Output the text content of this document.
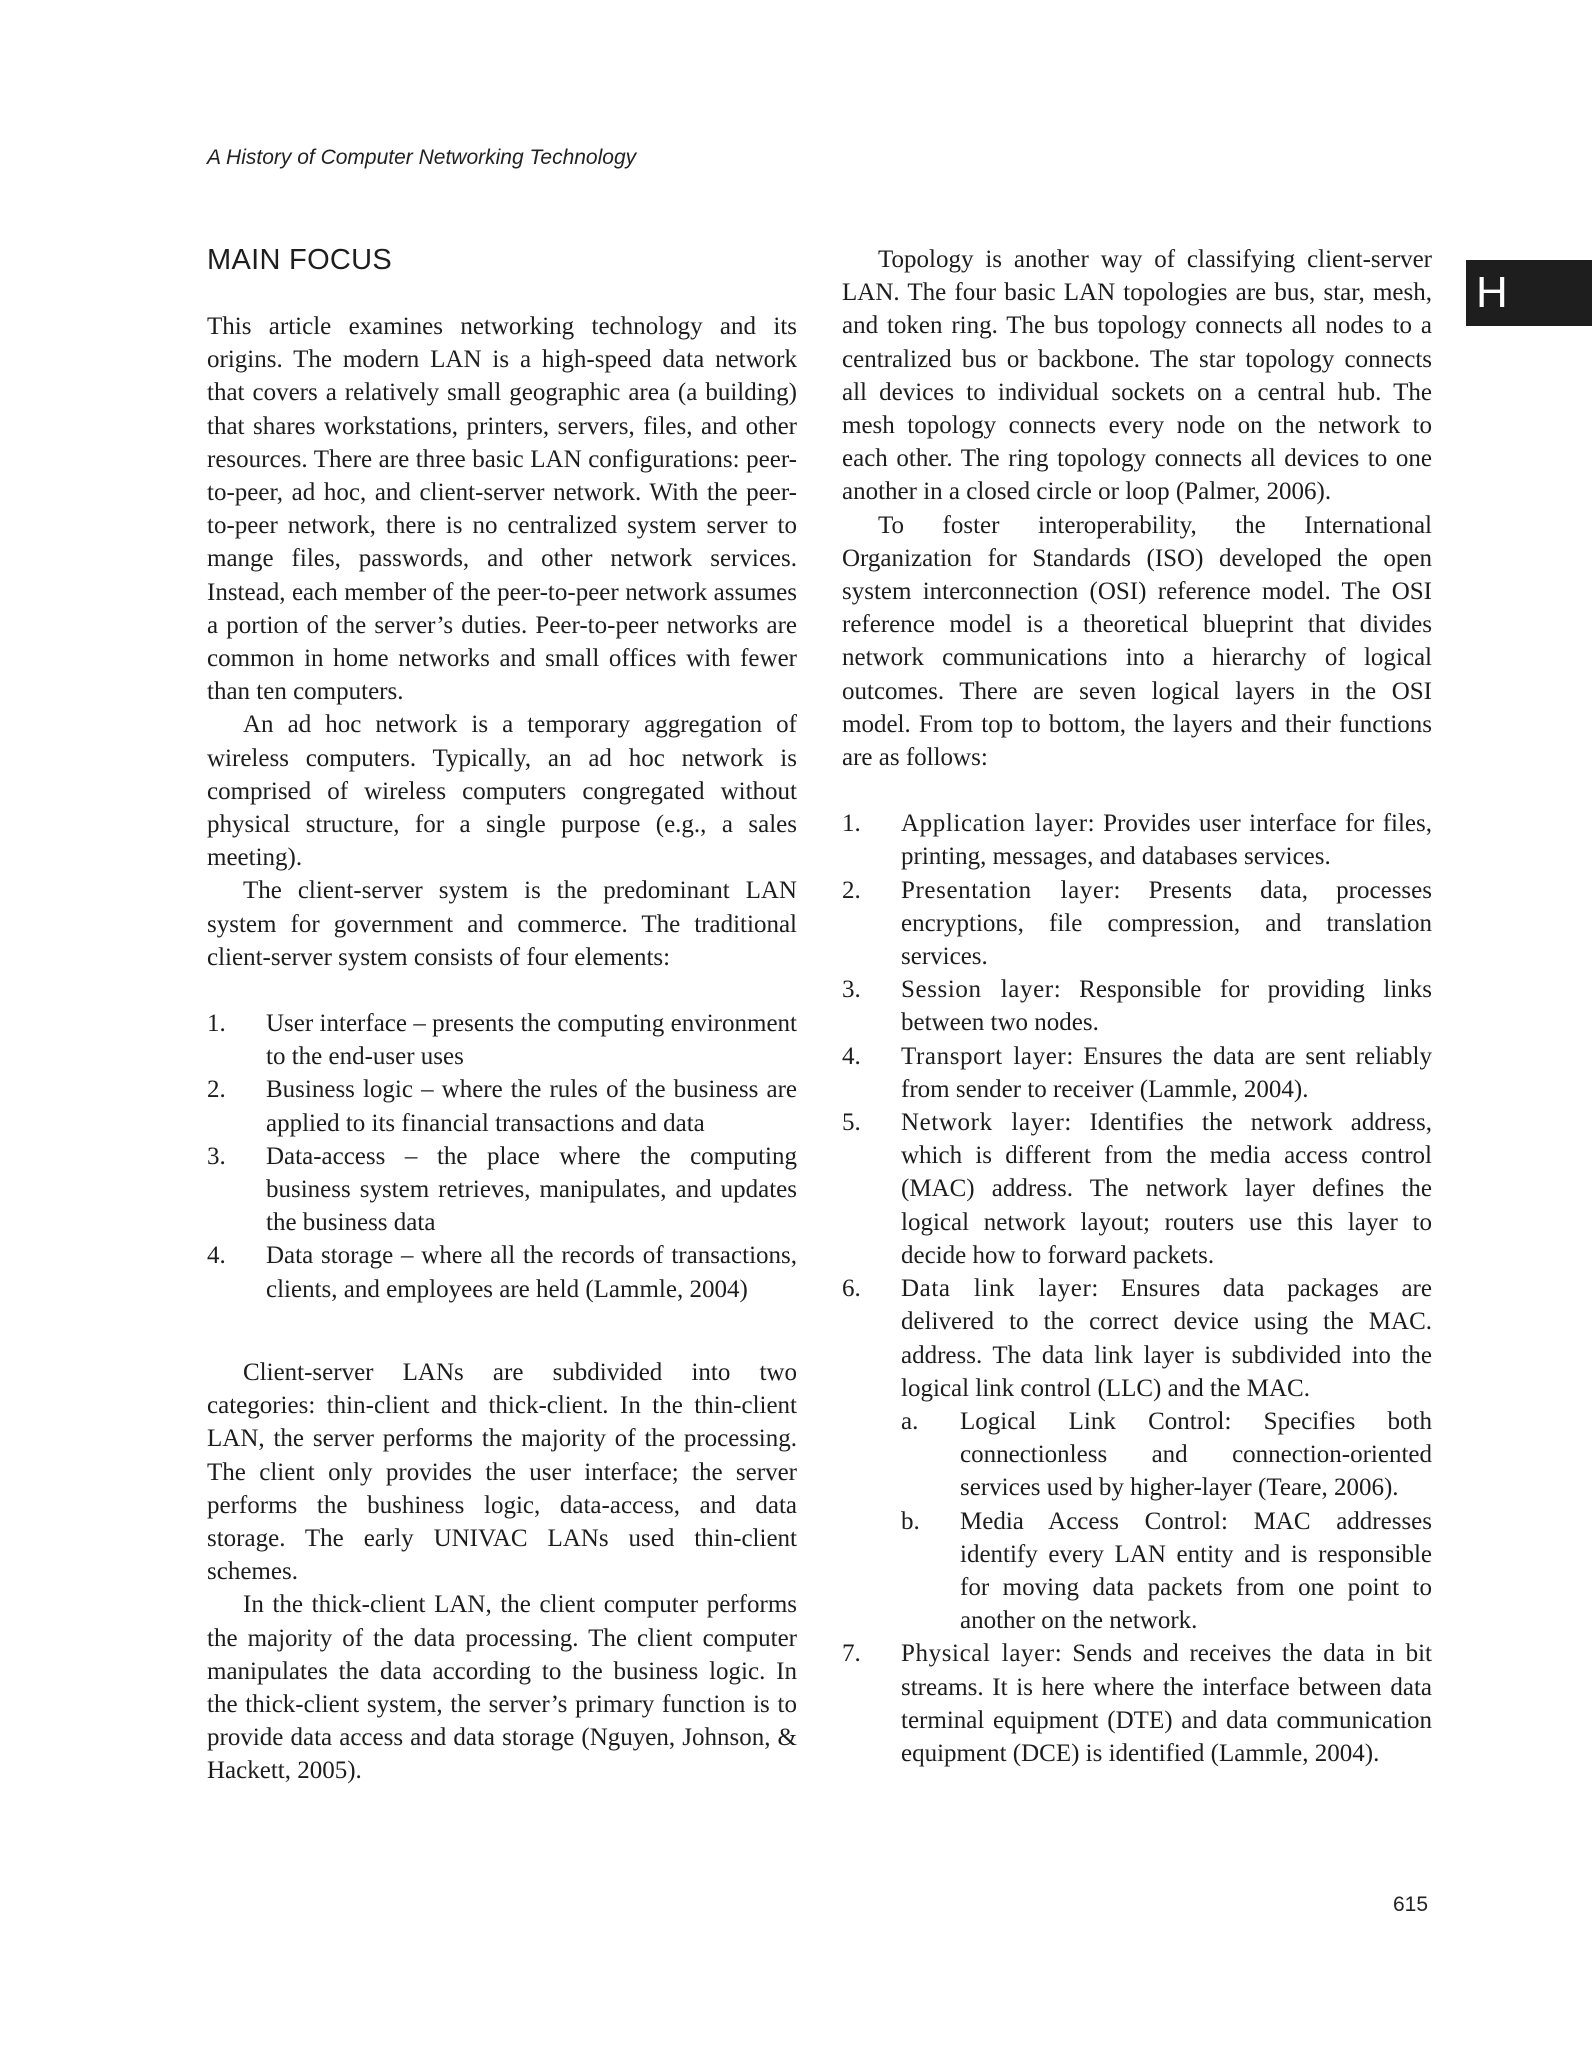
A History of Computer Networking Technology
H
MAIN FOCUS

This article examines networking technology and its origins. The modern LAN is a high-speed data network that covers a relatively small geographic area (a building) that shares workstations, printers, servers, files, and other resources. There are three basic LAN configurations: peer-to-peer, ad hoc, and client-server network. With the peer-to-peer network, there is no centralized system server to mange files, passwords, and other network services. Instead, each member of the peer-to-peer network assumes a portion of the server’s duties. Peer-to-peer networks are common in home networks and small offices with fewer than ten computers.

An ad hoc network is a temporary aggregation of wireless computers. Typically, an ad hoc network is comprised of wireless computers congregated without physical structure, for a single purpose (e.g., a sales meeting).

The client-server system is the predominant LAN system for government and commerce. The traditional client-server system consists of four elements:

1. User interface – presents the computing environment to the end-user uses
2. Business logic – where the rules of the business are applied to its financial transactions and data
3. Data-access – the place where the computing business system retrieves, manipulates, and updates the business data
4. Data storage – where all the records of transactions, clients, and employees are held (Lammle, 2004)

Client-server LANs are subdivided into two categories: thin-client and thick-client. In the thin-client LAN, the server performs the majority of the processing. The client only provides the user interface; the server performs the bushiness logic, data-access, and data storage. The early UNIVAC LANs used thin-client schemes.

In the thick-client LAN, the client computer performs the majority of the data processing. The client computer manipulates the data according to the business logic. In the thick-client system, the server’s primary function is to provide data access and data storage (Nguyen, Johnson, & Hackett, 2005).

Topology is another way of classifying client-server LAN. The four basic LAN topologies are bus, star, mesh, and token ring. The bus topology connects all nodes to a centralized bus or backbone. The star topology connects all devices to individual sockets on a central hub. The mesh topology connects every node on the network to each other. The ring topology connects all devices to one another in a closed circle or loop (Palmer, 2006).

To foster interoperability, the International Organization for Standards (ISO) developed the open system interconnection (OSI) reference model. The OSI reference model is a theoretical blueprint that divides network communications into a hierarchy of logical outcomes. There are seven logical layers in the OSI model. From top to bottom, the layers and their functions are as follows:

1. Application layer: Provides user interface for files, printing, messages, and databases services.
2. Presentation layer: Presents data, processes encryptions, file compression, and translation services.
3. Session layer: Responsible for providing links between two nodes.
4. Transport layer: Ensures the data are sent reliably from sender to receiver (Lammle, 2004).
5. Network layer: Identifies the network address, which is different from the media access control (MAC) address. The network layer defines the logical network layout; routers use this layer to decide how to forward packets.
6. Data link layer: Ensures data packages are delivered to the correct device using the MAC. address. The data link layer is subdivided into the logical link control (LLC) and the MAC.
a. Logical Link Control: Specifies both connectionless and connection-oriented services used by higher-layer (Teare, 2006).
b. Media Access Control: MAC addresses identify every LAN entity and is responsible for moving data packets from one point to another on the network.
7. Physical layer: Sends and receives the data in bit streams. It is here where the interface between data terminal equipment (DTE) and data communication equipment (DCE) is identified (Lammle, 2004).
615
